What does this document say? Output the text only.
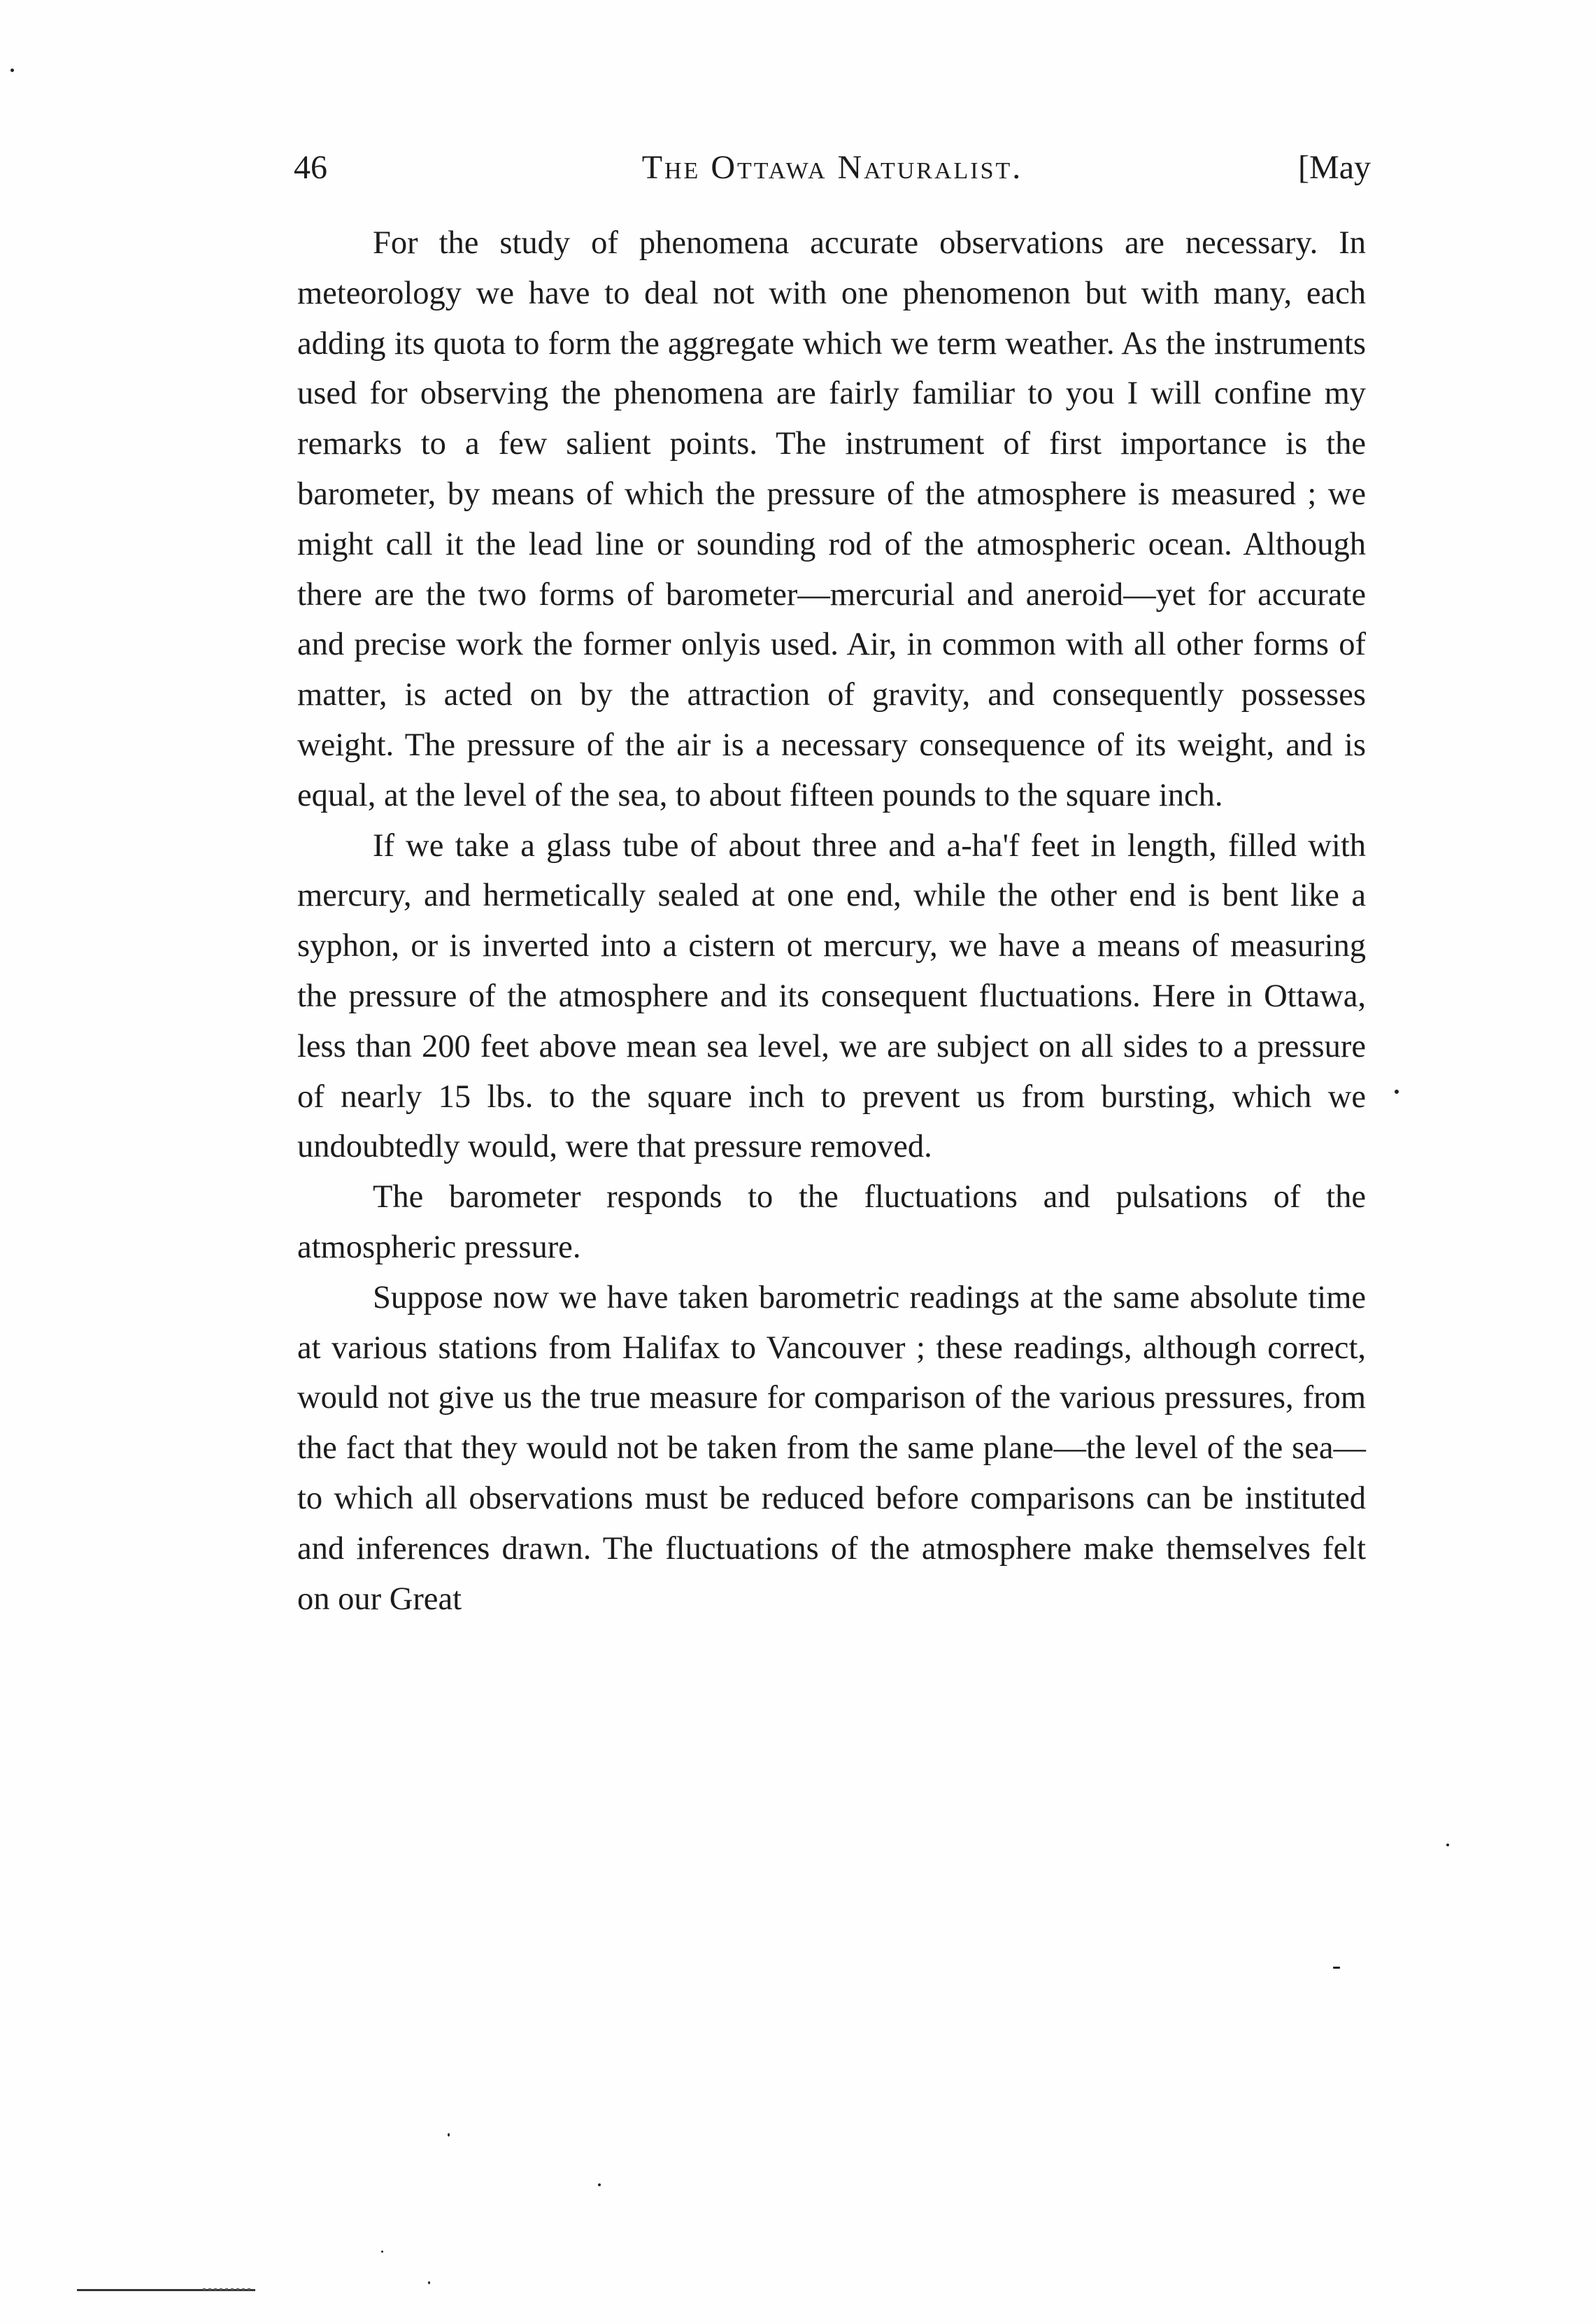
46	The Ottawa Naturalist.	[May

For the study of phenomena accurate observations are necessary. In meteorology we have to deal not with one phenomenon but with many, each adding its quota to form the aggregate which we term weather. As the instruments used for observing the phenomena are fairly familiar to you I will confine my remarks to a few salient points. The instrument of first importance is the barometer, by means of which the pressure of the atmosphere is measured ; we might call it the lead line or sounding rod of the atmospheric ocean. Although there are the two forms of barometer—mercurial and aneroid—yet for accurate and precise work the former onlyis used. Air, in common with all other forms of matter, is acted on by the attraction of gravity, and consequently possesses weight. The pressure of the air is a necessary consequence of its weight, and is equal, at the level of the sea, to about fifteen pounds to the square inch.

If we take a glass tube of about three and a-ha'f feet in length, filled with mercury, and hermetically sealed at one end, while the other end is bent like a syphon, or is inverted into a cistern ot mercury, we have a means of measuring the pressure of the atmosphere and its consequent fluctuations. Here in Ottawa, less than 200 feet above mean sea level, we are subject on all sides to a pressure of nearly 15 lbs. to the square inch to prevent us from bursting, which we undoubtedly would, were that pressure removed.

The barometer responds to the fluctuations and pulsations of the atmospheric pressure.

Suppose now we have taken barometric readings at the same absolute time at various stations from Halifax to Vancouver ; these readings, although correct, would not give us the true measure for comparison of the various pressures, from the fact that they would not be taken from the same plane—the level of the sea—to which all observations must be reduced before comparisons can be instituted and inferences drawn. The fluctuations of the atmosphere make themselves felt on our Great
